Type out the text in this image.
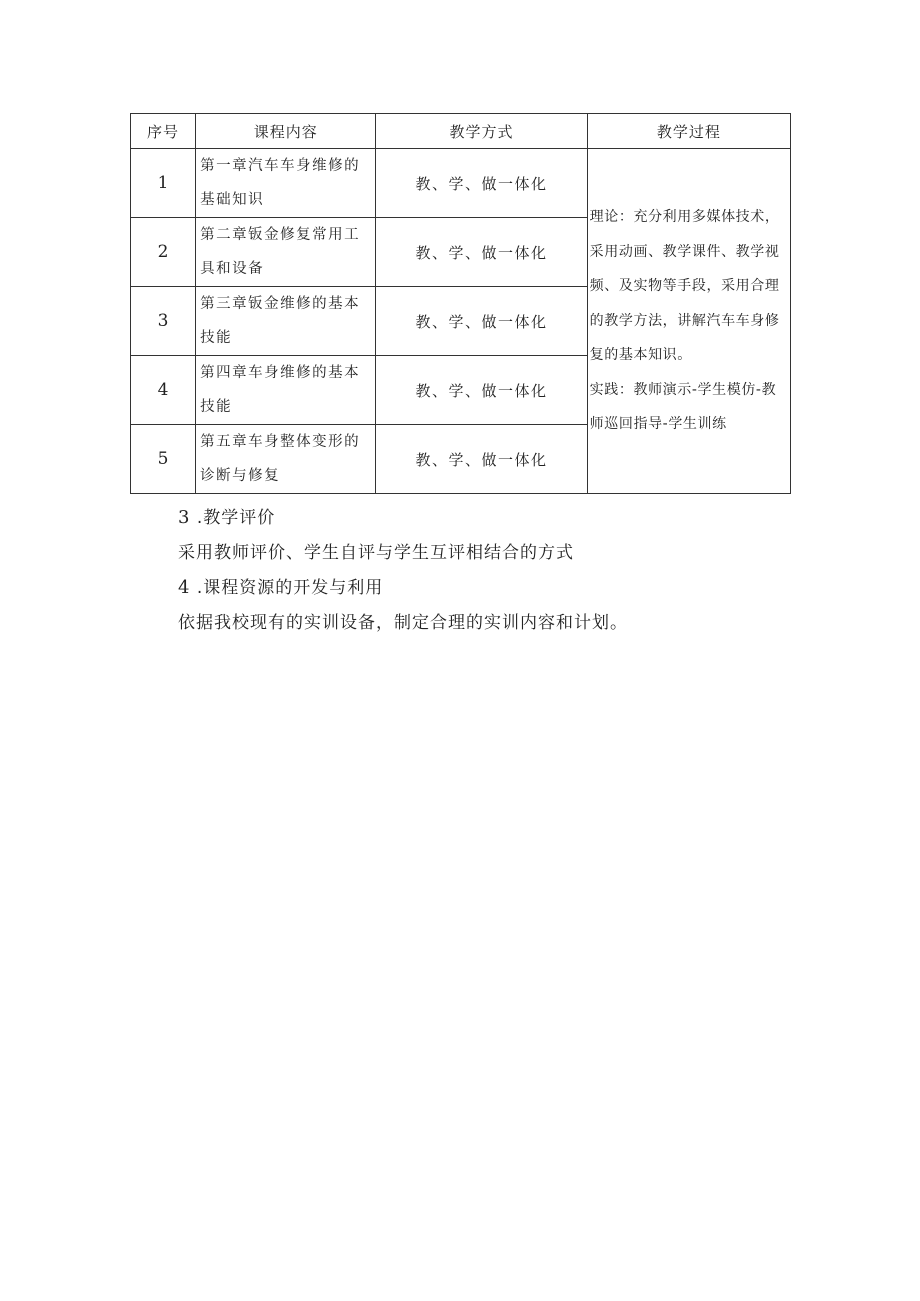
序号	课程内容	教学方式	教学过程
1	第一章汽车车身维修的基础知识	教、学、做一体化	理论：充分利用多媒体技术，采用动画、教学课件、教学视频、及实物等手段，采用合理的教学方法，讲解汽车车身修复的基本知识。
实践：教师演示-学生模仿-教师巡回指导-学生训练
2	第二章钣金修复常用工具和设备	教、学、做一体化	
3	第三章钣金维修的基本技能	教、学、做一体化	
4	第四章车身维修的基本技能	教、学、做一体化	
5	第五章车身整体变形的诊断与修复	教、学、做一体化	
3 .教学评价
采用教师评价、学生自评与学生互评相结合的方式
4 .课程资源的开发与利用
依据我校现有的实训设备，制定合理的实训内容和计划。
